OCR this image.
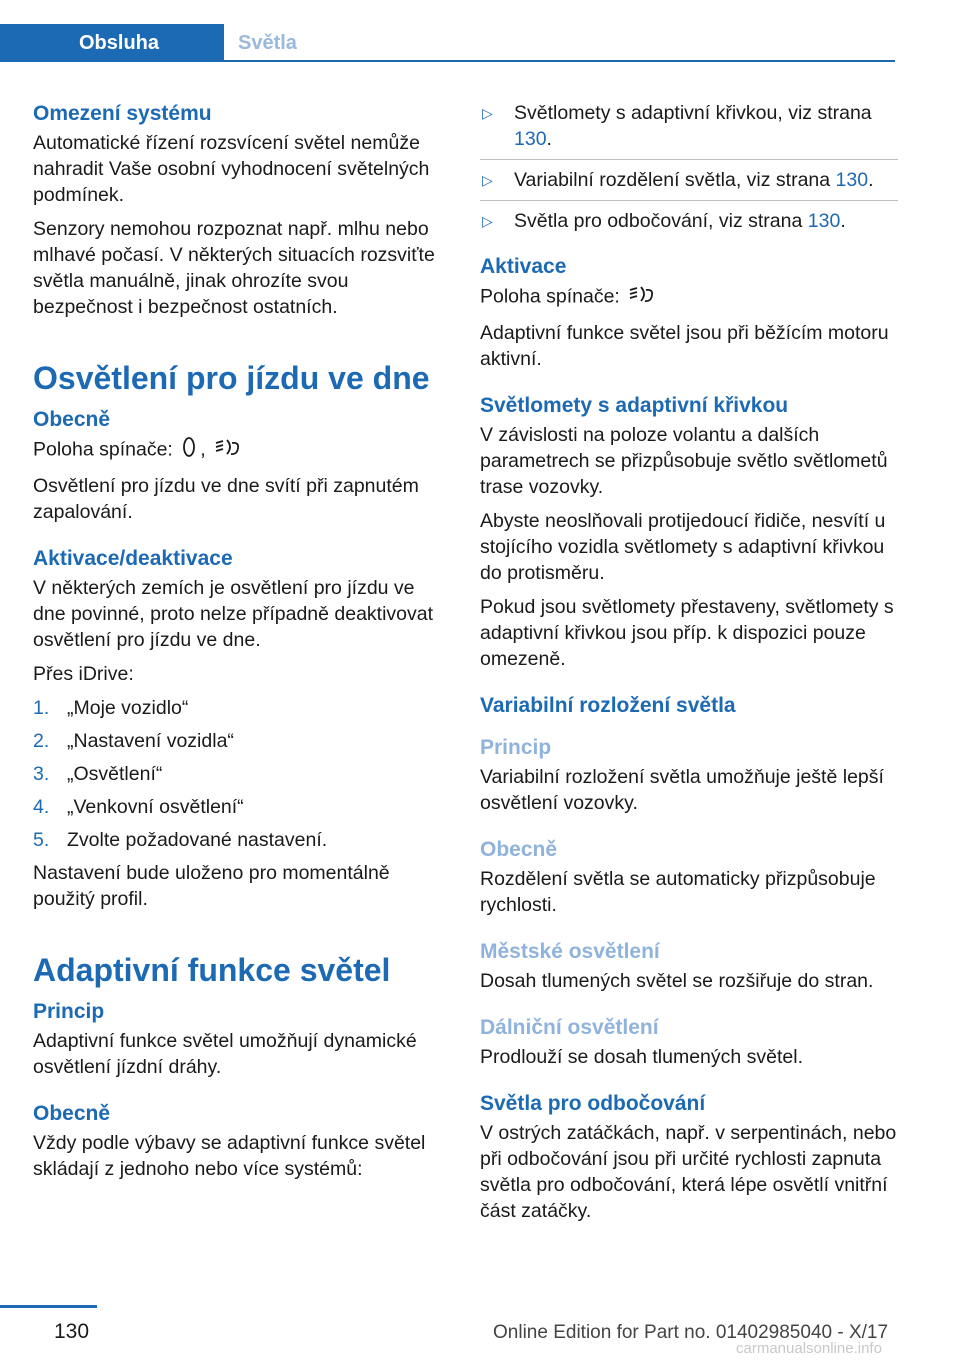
Obsluha	Světla
Omezení systému

Automatické řízení rozsvícení světel nemůže nahradit Vaše osobní vyhodnocení světelných podmínek.

Senzory nemohou rozpoznat např. mlhu nebo mlhavé počasí. V některých situacích rozsviťte světla manuálně, jinak ohrozíte svou bezpečnost i bezpečnost ostatních.

Osvětlení pro jízdu ve dne
Obecně

Poloha spínače: ,

Osvětlení pro jízdu ve dne svítí při zapnutém zapalování.

Aktivace/deaktivace

V některých zemích je osvětlení pro jízdu ve dne povinné, proto nelze případně deaktivovat osvětlení pro jízdu ve dne.

Přes iDrive:

1. „Moje vozidlo“
2. „Nastavení vozidla“
3. „Osvětlení“
4. „Venkovní osvětlení“
5. Zvolte požadované nastavení.

Nastavení bude uloženo pro momentálně použitý profil.

Adaptivní funkce světel
Princip

Adaptivní funkce světel umožňují dynamické osvětlení jízdní dráhy.

Obecně

Vždy podle výbavy se adaptivní funkce světel skládají z jednoho nebo více systémů:

▷ Světlomety s adaptivní křivkou, viz strana 130.
▷ Variabilní rozdělení světla, viz strana 130.
▷ Světla pro odbočování, viz strana 130.
Aktivace

Poloha spínače:

Adaptivní funkce světel jsou při běžícím motoru aktivní.

Světlomety s adaptivní křivkou

V závislosti na poloze volantu a dalších parametrech se přizpůsobuje světlo světlometů trase vozovky.

Abyste neoslňovali protijedoucí řidiče, nesvítí u stojícího vozidla světlomety s adaptivní křivkou do protisměru.

Pokud jsou světlomety přestaveny, světlomety s adaptivní křivkou jsou příp. k dispozici pouze omezeně.

Variabilní rozložení světla
Princip

Variabilní rozložení světla umožňuje ještě lepší osvětlení vozovky.

Obecně

Rozdělení světla se automaticky přizpůsobuje rychlosti.

Městské osvětlení

Dosah tlumených světel se rozšiřuje do stran.

Dálniční osvětlení

Prodlouží se dosah tlumených světel.

Světla pro odbočování

V ostrých zatáčkách, např. v serpentinách, nebo při odbočování jsou při určité rychlosti zapnuta světla pro odbočování, která lépe osvětlí vnitřní část zatáčky.

130	Online Edition for Part no. 01402985040 - X/17
carmanualsonline.info
